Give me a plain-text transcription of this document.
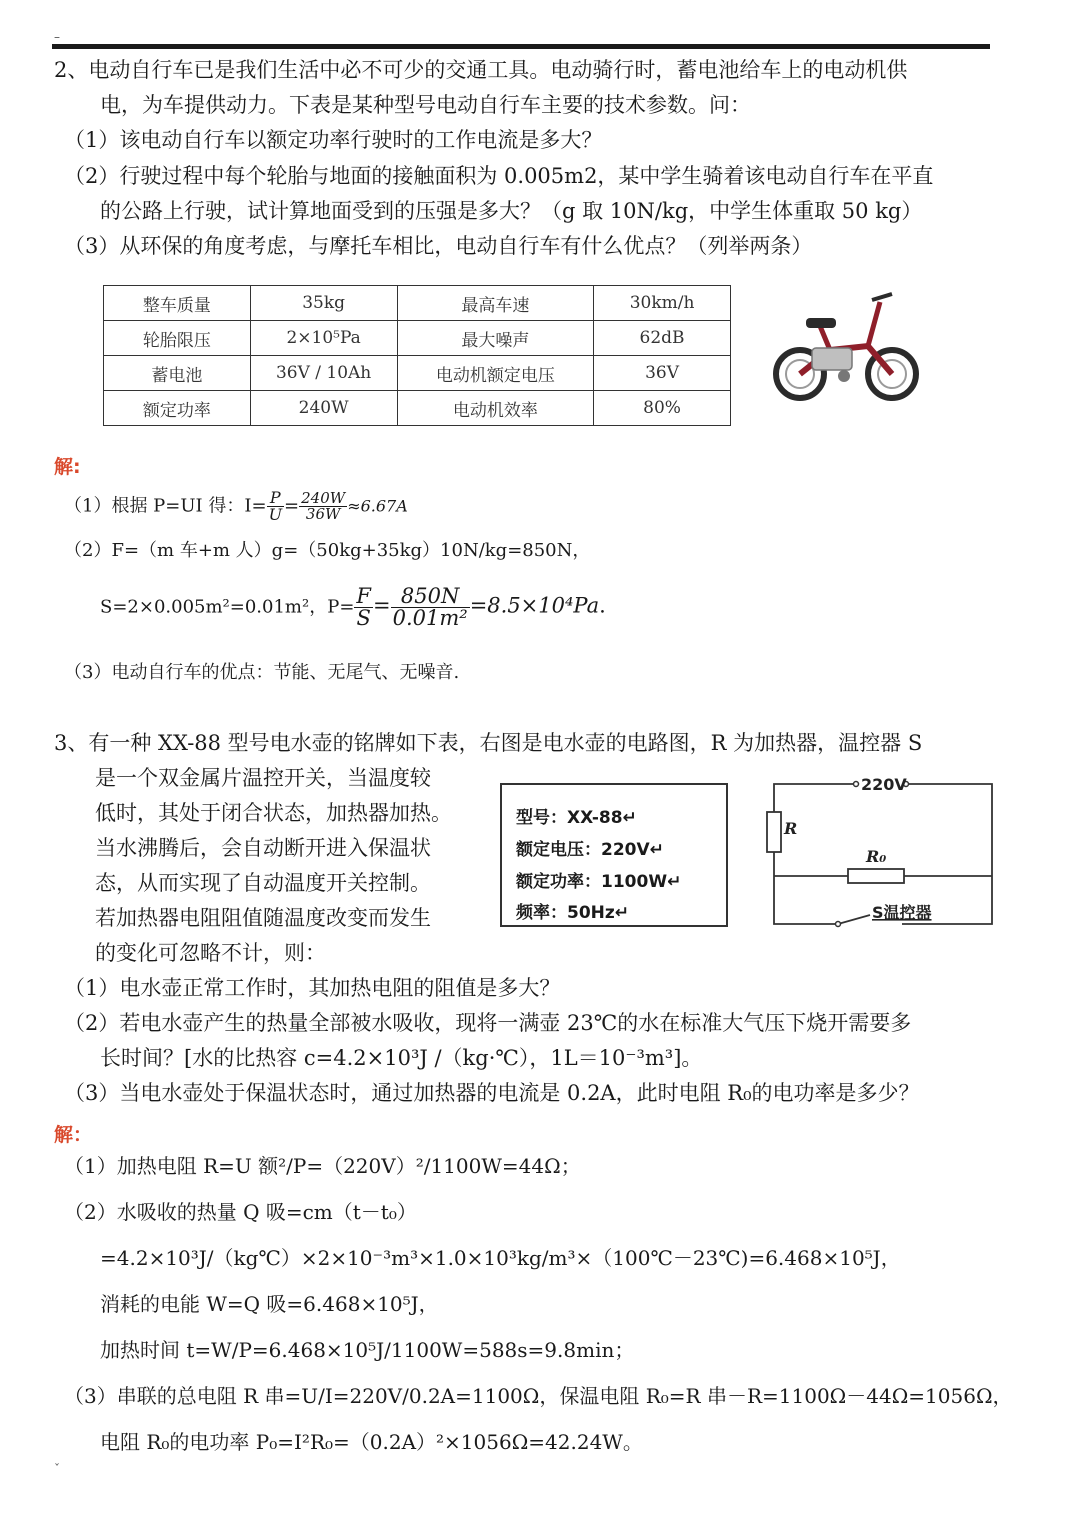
–
2、电动自行车已是我们生活中必不可少的交通工具。电动骑行时，蓄电池给车上的电动机供
电，为车提供动力。下表是某种型号电动自行车主要的技术参数。问：
（1）该电动自行车以额定功率行驶时的工作电流是多大？
（2）行驶过程中每个轮胎与地面的接触面积为 0.005m2，某中学生骑着该电动自行车在平直
的公路上行驶，试计算地面受到的压强是多大？（g 取 10N/kg，中学生体重取 50 kg）
（3）从环保的角度考虑，与摩托车相比，电动自行车有什么优点？（列举两条）
整车质量	35kg	最高车速	30km/h
轮胎限压	2×10⁵Pa	最大噪声	62dB
蓄电池	36V / 10Ah	电动机额定电压	36V
额定功率	240W	电动机效率	80%
解:
（1）根据 P=UI 得：$I= \frac{P}{U} = \frac{240W}{36W} \approx 6.67A$
（2）F=（m 车+m 人）g=（50kg+35kg）10N/kg=850N，
S=2×0.005m²=0.01m²，$P= \frac{F}{S} = \frac{850N}{\text{0.01m²}} =8.5\times 10^4Pa$.
（3）电动自行车的优点：节能、无尾气、无噪音.
3、有一种 XX-88 型号电水壶的铭牌如下表，右图是电水壶的电路图，R 为加热器，温控器 S
是一个双金属片温控开关，当温度较
低时，其处于闭合状态，加热器加热。
当水沸腾后，会自动断开进入保温状
态，从而实现了自动温度开关控制。
若加热器电阻阻值随温度改变而发生
的变化可忽略不计，则：
型号：XX-88↵
额定电压：220V↵
额定功率：1100W↵
频率：50Hz↵
220V
R
R₀
S温控器
（1）电水壶正常工作时，其加热电阻的阻值是多大？
（2）若电水壶产生的热量全部被水吸收，现将一满壶 23℃的水在标准大气压下烧开需要多
长时间？[水的比热容 c=4.2×10³J /（kg·℃），1L＝10⁻³m³]。
（3）当电水壶处于保温状态时，通过加热器的电流是 0.2A，此时电阻 R₀的电功率是多少？
解：
（1）加热电阻 R=U 额²/P=（220V）²/1100W=44Ω；
（2）水吸收的热量 Q 吸=cm（t－t₀）
=4.2×10³J/（kg℃）×2×10⁻³m³×1.0×10³kg/m³×（100℃－23℃)=6.468×10⁵J，
消耗的电能 W=Q 吸=6.468×10⁵J，
加热时间 t=W/P=6.468×10⁵J/1100W=588s=9.8min；
（3）串联的总电阻 R 串=U/I=220V/0.2A=1100Ω，保温电阻 R₀=R 串－R=1100Ω－44Ω=1056Ω，
电阻 R₀的电功率 P₀=I²R₀=（0.2A）²×1056Ω=42.24W。
ˇ
